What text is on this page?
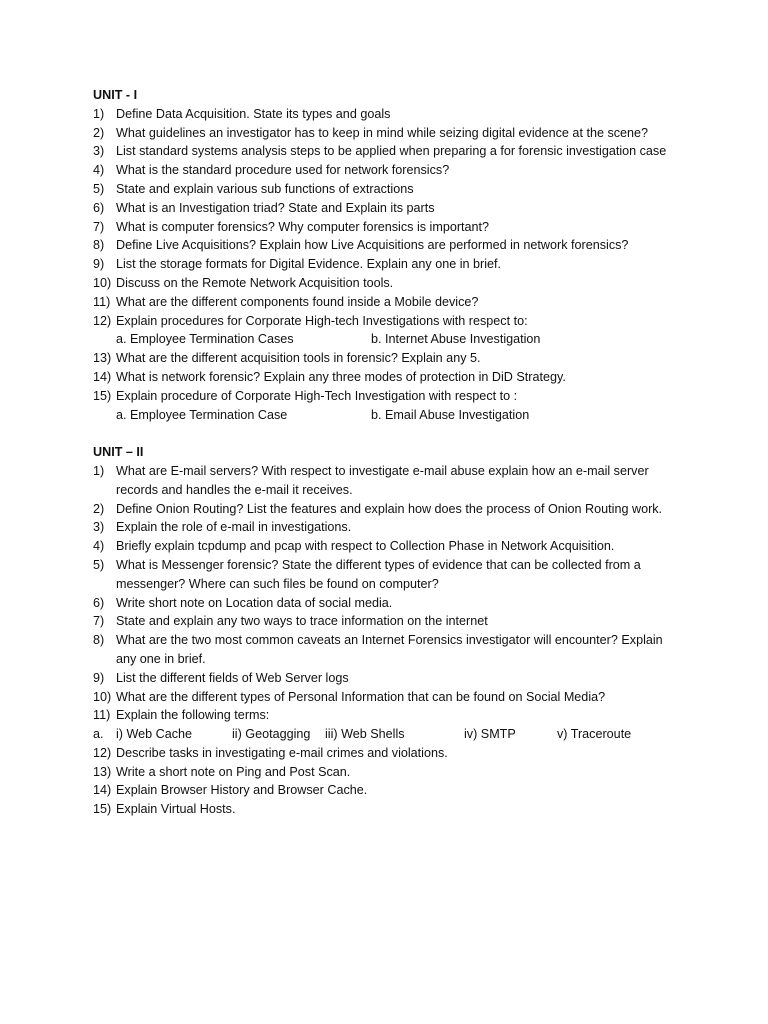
UNIT - I
1) Define Data Acquisition. State its types and goals
2) What guidelines an investigator has to keep in mind while seizing digital evidence at the scene?
3) List standard systems analysis steps to be applied when preparing a for forensic investigation case
4) What is the standard procedure used for network forensics?
5) State and explain various sub functions of extractions
6) What is an Investigation triad? State and Explain its parts
7) What is computer forensics? Why computer forensics is important?
8) Define Live Acquisitions? Explain how Live Acquisitions are performed in network forensics?
9) List the storage formats for Digital Evidence. Explain any one in brief.
10) Discuss on the Remote Network Acquisition tools.
11) What are the different components found inside a Mobile device?
12) Explain procedures for Corporate High-tech Investigations with respect to:
a. Employee Termination Cases	b. Internet Abuse Investigation
13) What are the different acquisition tools in forensic? Explain any 5.
14) What is network forensic? Explain any three modes of protection in DiD Strategy.
15) Explain procedure of Corporate High-Tech Investigation with respect to :
a. Employee Termination Case	b. Email Abuse Investigation
UNIT – II
1) What are E-mail servers? With respect to investigate e-mail abuse explain how an e-mail server records and handles the e-mail it receives.
2) Define Onion Routing? List the features and explain how does the process of Onion Routing work.
3) Explain the role of e-mail in investigations.
4) Briefly explain tcpdump and pcap with respect to Collection Phase in Network Acquisition.
5) What is Messenger forensic? State the different types of evidence that can be collected from a messenger? Where can such files be found on computer?
6) Write short note on Location data of social media.
7) State and explain any two ways to trace information on the internet
8) What are the two most common caveats an Internet Forensics investigator will encounter? Explain any one in brief.
9) List the different fields of Web Server logs
10) What are the different types of Personal Information that can be found on Social Media?
11) Explain the following terms:
a. i) Web Cache	ii) Geotagging	iii) Web Shells	iv) SMTP	v) Traceroute
12) Describe tasks in investigating e-mail crimes and violations.
13) Write a short note on Ping and Post Scan.
14) Explain Browser History and Browser Cache.
15) Explain Virtual Hosts.
